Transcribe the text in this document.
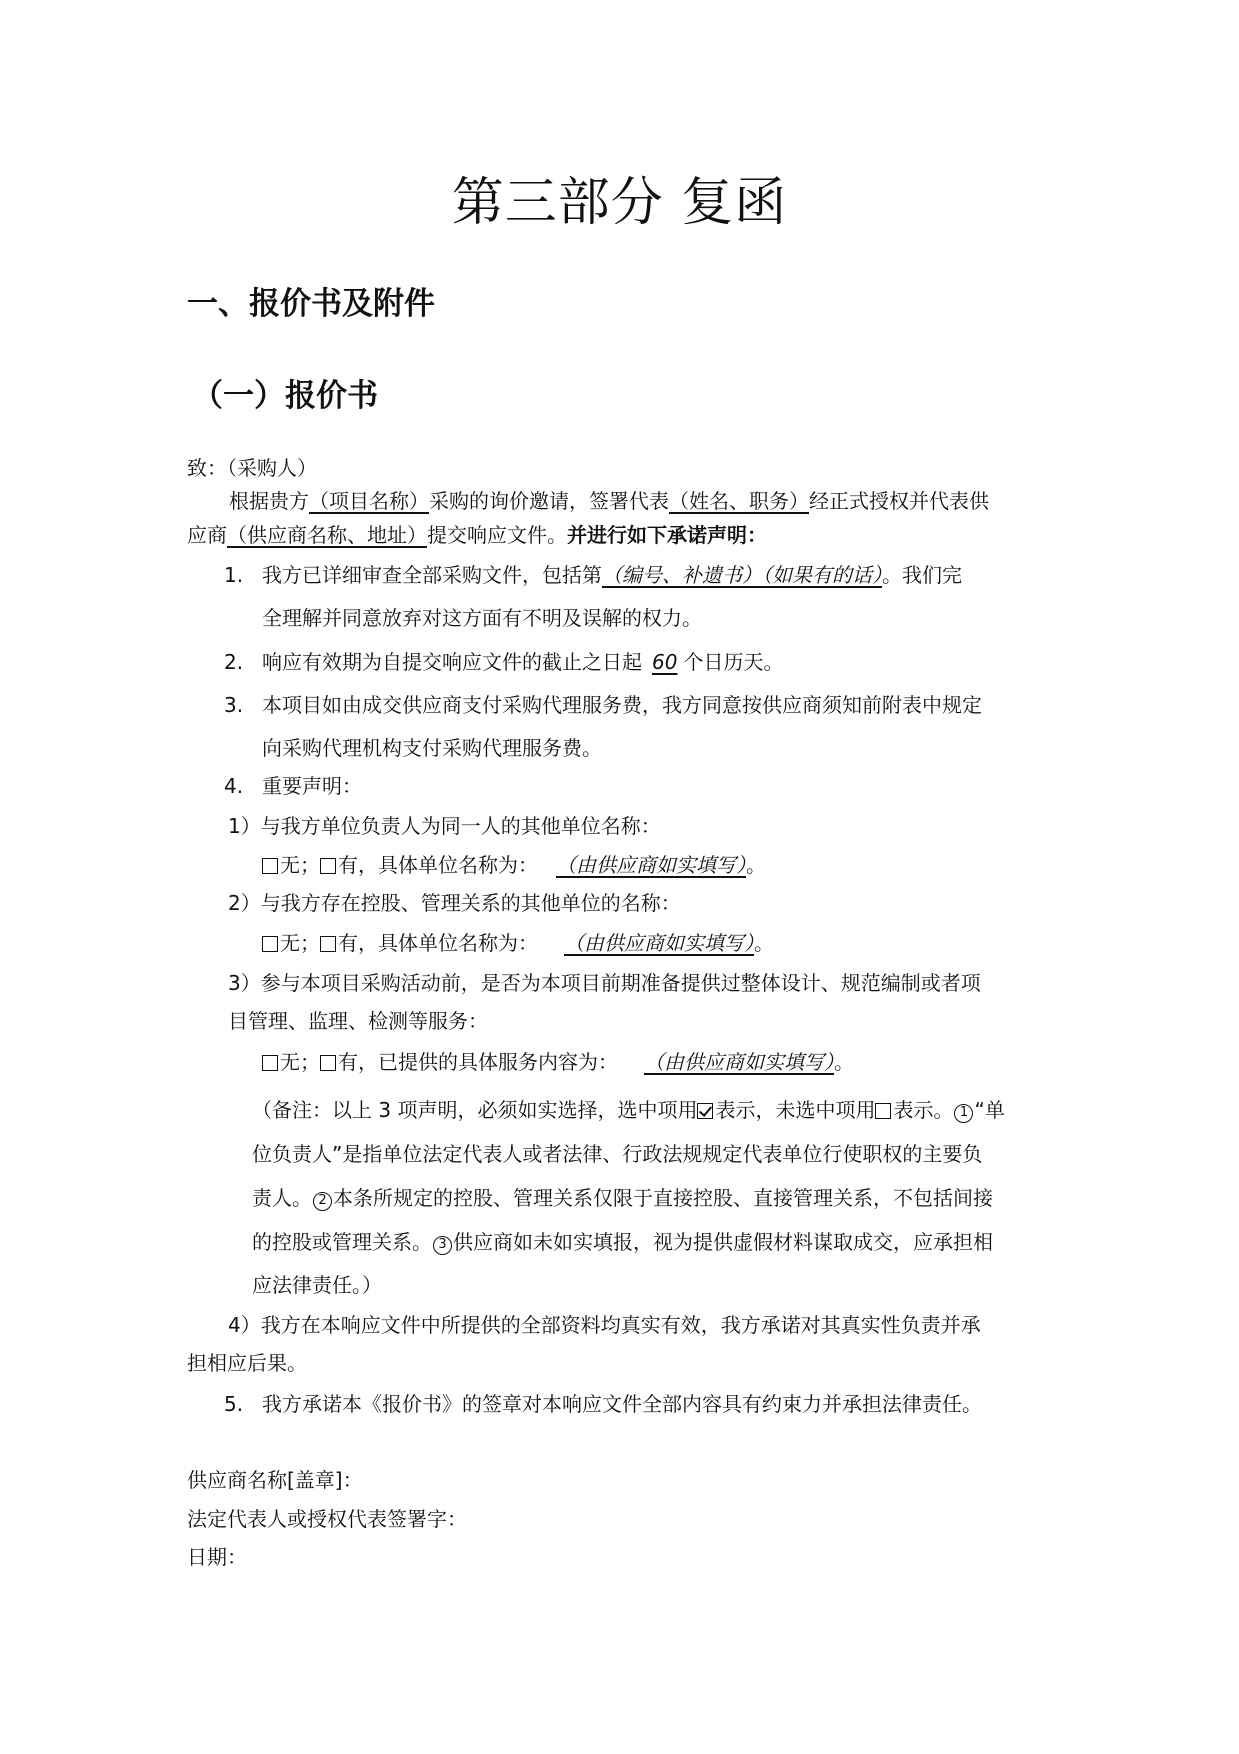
第三部分 复函
一、报价书及附件
（一）报价书
致：（采购人）
根据贵方（项目名称）采购的询价邀请，签署代表（姓名、职务）经正式授权并代表供
应商（供应商名称、地址）提交响应文件。并进行如下承诺声明：
1. 我方已详细审查全部采购文件，包括第（编号、补遗书）（如果有的话）。我们完
全理解并同意放弃对这方面有不明及误解的权力。
2. 响应有效期为自提交响应文件的截止之日起 60 个日历天。
3. 本项目如由成交供应商支付采购代理服务费，我方同意按供应商须知前附表中规定
向采购代理机构支付采购代理服务费。
4. 重要声明：
1）与我方单位负责人为同一人的其他单位名称：
无； 有，具体单位名称为： （由供应商如实填写）。
2）与我方存在控股、管理关系的其他单位的名称：
无； 有，具体单位名称为： （由供应商如实填写）。
3）参与本项目采购活动前，是否为本项目前期准备提供过整体设计、规范编制或者项
目管理、监理、检测等服务：
无； 有，已提供的具体服务内容为： （由供应商如实填写）。
（备注：以上 3 项声明，必须如实选择，选中项用 表示，未选中项用 表示。 1 “单
位负责人”是指单位法定代表人或者法律、行政法规规定代表单位行使职权的主要负
责人。 2 本条所规定的控股、管理关系仅限于直接控股、直接管理关系，不包括间接
的控股或管理关系。 3 供应商如未如实填报，视为提供虚假材料谋取成交，应承担相
应法律责任。）
4）我方在本响应文件中所提供的全部资料均真实有效，我方承诺对其真实性负责并承
担相应后果。
5. 我方承诺本《报价书》的签章对本响应文件全部内容具有约束力并承担法律责任。
供应商名称[盖章]：
法定代表人或授权代表签署字：
日期：
